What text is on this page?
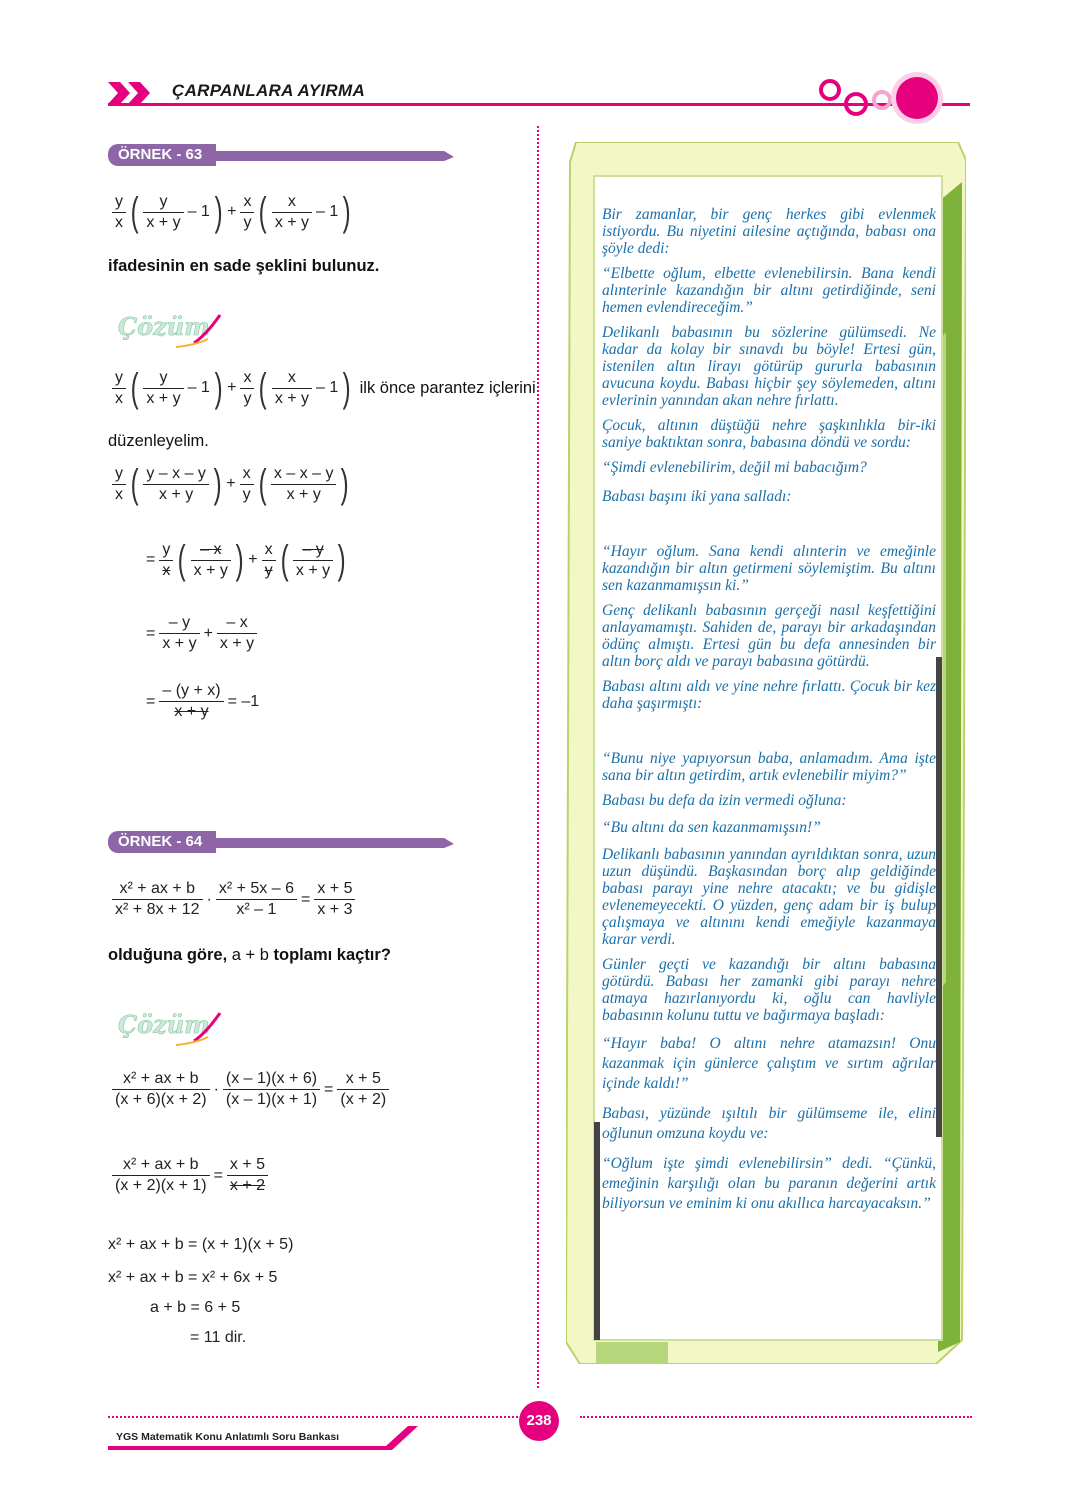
ÇARPANLARA AYIRMA
ÖRNEK - 63
y
x (	y
x + y
– 1 ) + $\frac{x}{y}$ (	x
x + y
– 1 )
ifadesinin en sade şeklini bulunuz.
Çözüm
y
x (	y
x + y
– 1 ) + $\frac{x}{y}$ (	x
x + y
– 1 ) ilk önce parantez içlerini
düzenleyelim.
y
x ( y – x – y
x + y ) + $\frac{x}{y}$ ( x – x – y
x + y )
= $\frac{y}{x}$ ( – x
x + y ) + $\frac{x}{y}$ ( – y
x + y )
= $\frac{- y}{x + y} + \frac{- x}{x + y}$
= $\frac{- (y + x)}{x + y} = -1$
ÖRNEK - 64
x² + ax + b
x² + 8x + 12
· $\frac{\text{x² + 5x – 6}}{\text{x² – 1}} = \frac{x + 5}{x + 3}$
olduğuna göre, a + b toplamı kaçtır?
Çözüm
x² + ax + b
(x + 6)(x + 2)
· $\frac{(x - 1)(x + 6)}{(x - 1)(x + 1)} = \frac{x + 5}{(x + 2)}$
$\frac{\text{x² + ax + b}}{(x + 2)(x + 1)} = \frac{x + 5}{x + 2}$
x² + ax + b = (x + 1)(x + 5)
x² + ax + b = x² + 6x + 5
a + b = 6 + 5
= 11 dir.

Bir zamanlar, bir genç herkes gibi evlenmek istiyordu. Bu niyetini ailesine açtığında, babası ona şöyle dedi:

“Elbette oğlum, elbette evlenebilirsin. Bana kendi alınterinle kazandığın bir altını getirdiğinde, seni hemen evlendireceğim.”

Delikanlı babasının bu sözlerine gülümsedi. Ne kadar da kolay bir sınavdı bu böyle! Ertesi gün, istenilen altın lirayı götürüp gururla babasının avucuna koydu. Babası hiçbir şey söylemeden, altını evlerinin yanından akan nehre fırlattı.

Çocuk, altının düştüğü nehre şaşkınlıkla bir-iki saniye baktıktan sonra, babasına döndü ve sordu:

“Şimdi evlenebilirim, değil mi babacığım?

Babası başını iki yana salladı:

“Hayır oğlum. Sana kendi alınterin ve emeğinle kazandığın bir altın getirmeni söylemiştim. Bu altını sen kazanmamışsın ki.”

Genç delikanlı babasının gerçeği nasıl keşfettiğini anlayamamıştı. Sahiden de, parayı bir arkadaşından ödünç almıştı. Ertesi gün bu defa annesinden bir altın borç aldı ve parayı babasına götürdü.

Babası altını aldı ve yine nehre fırlattı. Çocuk bir kez daha şaşırmıştı:

“Bunu niye yapıyorsun baba, anlamadım. Ama işte sana bir altın getirdim, artık evlenebilir miyim?”

Babası bu defa da izin vermedi oğluna:

“Bu altını da sen kazanmamışsın!”

Delikanlı babasının yanından ayrıldıktan sonra, uzun uzun düşündü. Başkasından borç alıp geldiğinde babası parayı yine nehre atacaktı; ve bu gidişle evlenemeyecekti. O yüzden, genç adam bir iş bulup çalışmaya ve altınını kendi emeğiyle kazanmaya karar verdi.

Günler geçti ve kazandığı bir altını babasına götürdü. Babası her zamanki gibi parayı nehre atmaya hazırlanıyordu ki, oğlu can havliyle babasının kolunu tuttu ve bağırmaya başladı:

“Hayır baba! O altını nehre atamazsın! Onu kazanmak için günlerce çalıştım ve sırtım ağrılar içinde kaldı!”

Babası, yüzünde ışıltılı bir gülümseme ile, elini oğlunun omzuna koydu ve:

“Oğlum işte şimdi evlenebilirsin” dedi. “Çünkü, emeğinin karşılığı olan bu paranın değerini artık biliyorsun ve eminim ki onu akıllıca harcayacaksın.”

238
YGS Matematik Konu Anlatımlı Soru Bankası
